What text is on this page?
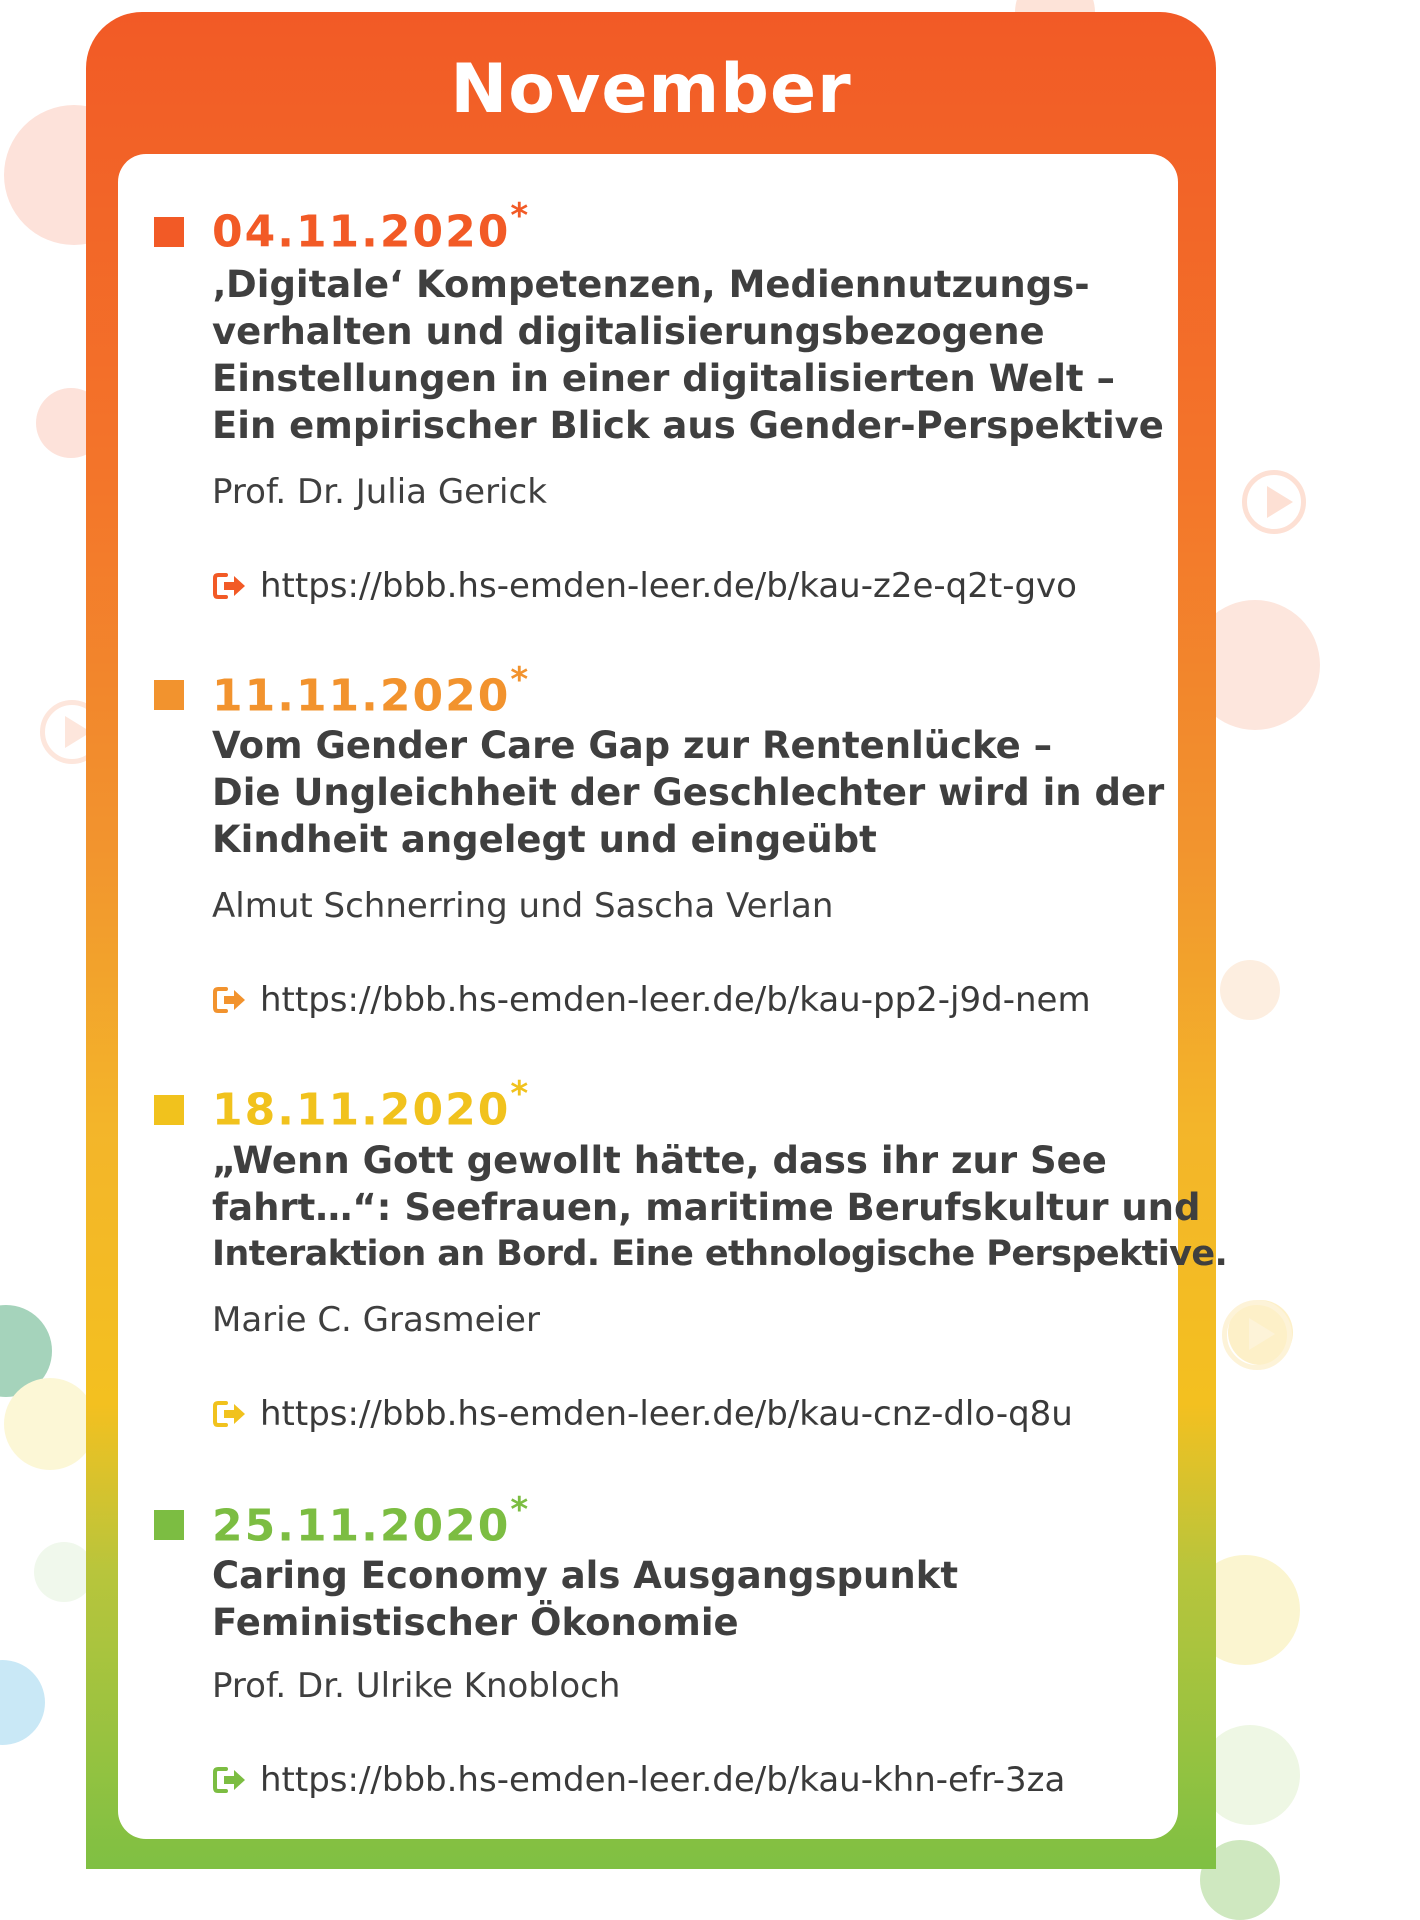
November
04.11.2020*
‚Digitale‘ Kompetenzen, Mediennutzungs-
verhalten und digitalisierungsbezogene
Einstellungen in einer digitalisierten Welt –
Ein empirischer Blick aus Gender-Perspektive
Prof. Dr. Julia Gerick
https://bbb.hs-emden-leer.de/b/kau-z2e-q2t-gvo
11.11.2020*
Vom Gender Care Gap zur Rentenlücke –
Die Ungleichheit der Geschlechter wird in der
Kindheit angelegt und eingeübt
Almut Schnerring und Sascha Verlan
https://bbb.hs-emden-leer.de/b/kau-pp2-j9d-nem
18.11.2020*
„Wenn Gott gewollt hätte, dass ihr zur See
fahrt…“: Seefrauen, maritime Berufskultur und
Interaktion an Bord. Eine ethnologische Perspektive.
Marie C. Grasmeier
https://bbb.hs-emden-leer.de/b/kau-cnz-dlo-q8u
25.11.2020*
Caring Economy als Ausgangspunkt
Feministischer Ökonomie
Prof. Dr. Ulrike Knobloch
https://bbb.hs-emden-leer.de/b/kau-khn-efr-3za
